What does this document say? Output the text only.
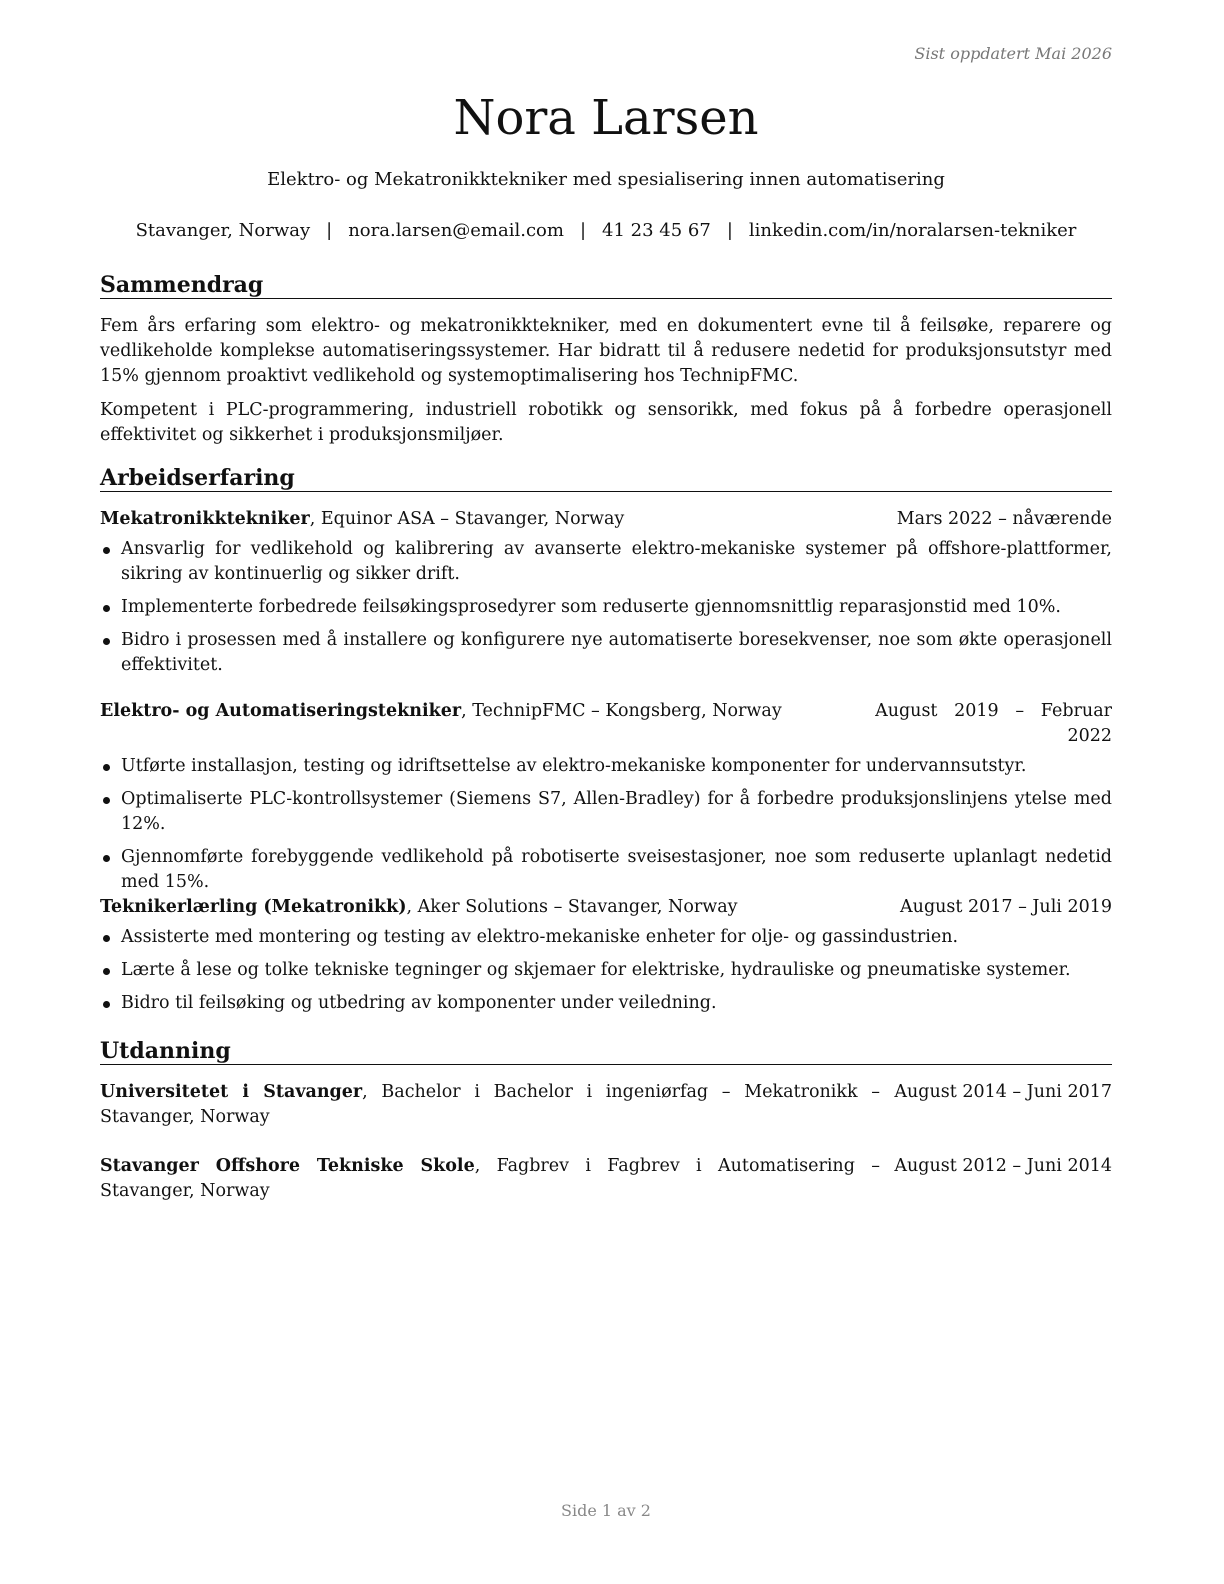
Sist oppdatert Mai 2026
Nora Larsen
Elektro- og Mekatronikktekniker med spesialisering innen automatisering
Stavanger, Norway | nora.larsen@email.com | 41 23 45 67 | linkedin.com/in/noralarsen-tekniker
Sammendrag

Fem års erfaring som elektro- og mekatronikktekniker, med en dokumentert evne til å feilsøke, reparere og vedlikeholde komplekse automatiseringssystemer. Har bidratt til å redusere nedetid for produksjonsutstyr med 15% gjennom proaktivt vedlikehold og systemoptimalisering hos TechnipFMC.

Kompetent i PLC-programmering, industriell robotikk og sensorikk, med fokus på å forbedre operasjonell effektivitet og sikkerhet i produksjonsmiljøer.

Arbeidserfaring
Mekatronikktekniker, Equinor ASA – Stavanger, Norway	Mars 2022 – nåværende
Ansvarlig for vedlikehold og kalibrering av avanserte elektro-mekaniske systemer på offshore-plattformer, sikring av kontinuerlig og sikker drift.
Implementerte forbedrede feilsøkingsprosedyrer som reduserte gjennomsnittlig reparasjonstid med 10%.
Bidro i prosessen med å installere og konfigurere nye automatiserte boresekvenser, noe som økte operasjonell effektivitet.
Elektro- og Automatiseringstekniker, TechnipFMC – Kongsberg, Norway	August   2019   –   Februar
2022
Utførte installasjon, testing og idriftsettelse av elektro-mekaniske komponenter for undervannsutstyr.
Optimaliserte PLC-kontrollsystemer (Siemens S7, Allen-Bradley) for å forbedre produksjonslinjens ytelse med 12%.
Gjennomførte forebyggende vedlikehold på robotiserte sveisestasjoner, noe som reduserte uplanlagt nedetid med 15%.
Teknikerlærling (Mekatronikk), Aker Solutions – Stavanger, Norway	August 2017 – Juli 2019
Assisterte med montering og testing av elektro-mekaniske enheter for olje- og gassindustrien.
Lærte å lese og tolke tekniske tegninger og skjemaer for elektriske, hydrauliske og pneumatiske systemer.
Bidro til feilsøking og utbedring av komponenter under veiledning.
Utdanning
Universitetet i Stavanger, Bachelor i Bachelor i ingeniørfag – Mekatronikk – Stavanger, Norway
August 2014 – Juni 2017
Stavanger Offshore Tekniske Skole, Fagbrev i Fagbrev i Automatisering – Stavanger, Norway
August 2012 – Juni 2014
Side 1 av 2
